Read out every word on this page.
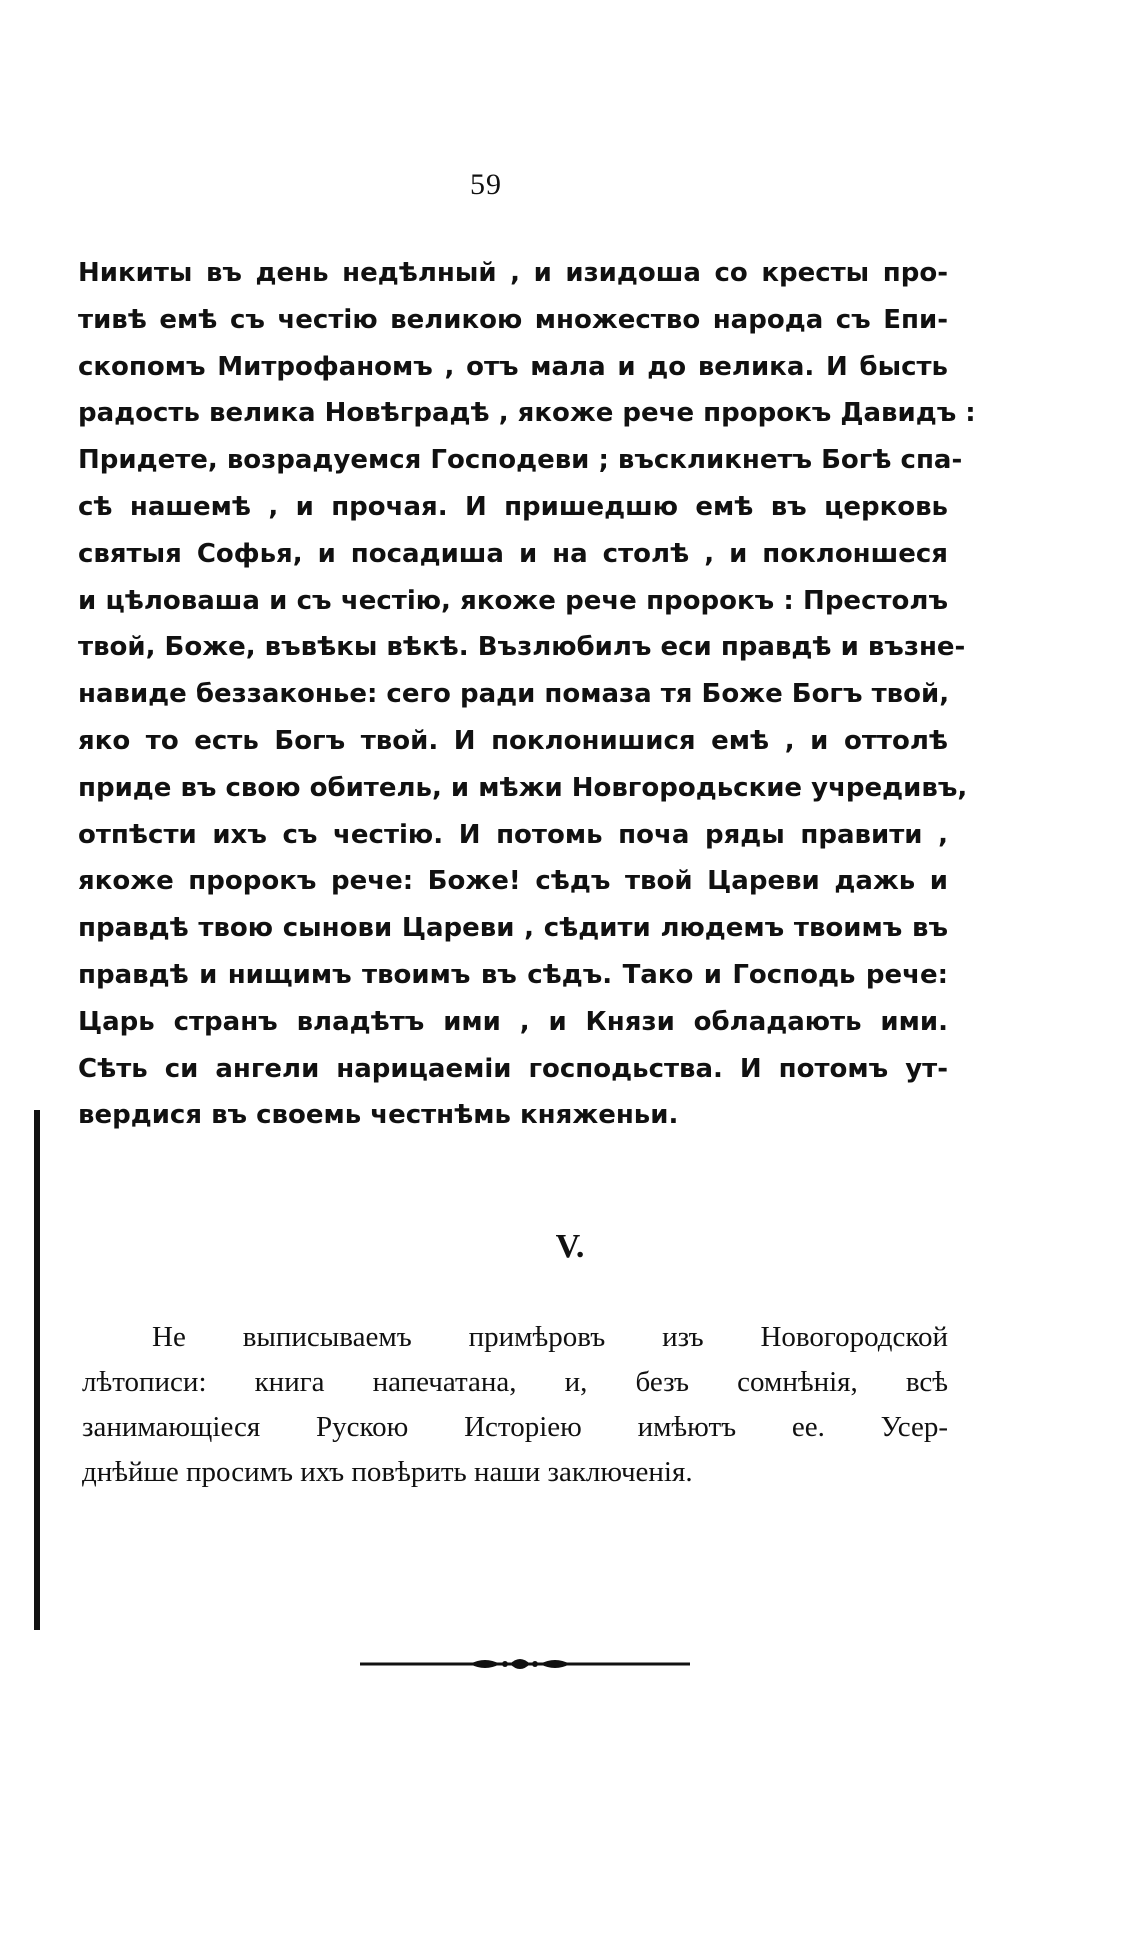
59
Никиты въ день недѣлный , и изидоша со кресты про-
тивѣ емѣ съ честію великою множество народа съ Епи-
скопомъ Митрофаномъ , отъ мала и до велика. И бысть
радость велика Новѣградѣ , якоже рече пророкъ Давидъ :
Придете, возрадуемся Господеви ; въскликнетъ Богѣ спа-
сѣ нашемѣ , и прочая. И пришедшю емѣ въ церковь
святыя Софья, и посадиша и на столѣ , и поклоншеся
и цѣловаша и съ честію, якоже рече пророкъ : Престолъ
твой, Боже, въвѣкы вѣкѣ. Възлюбилъ еси правдѣ и възне-
навиде беззаконье: сего ради помаза тя Боже Богъ твой,
яко то есть Богъ твой. И поклонишися емѣ , и оттолѣ
приде въ свою обитель, и мѣжи Новгородьские учредивъ,
отпѣсти ихъ съ честію. И потомь поча ряды правити ,
якоже пророкъ рече: Боже! сѣдъ твой Цареви дажь и
правдѣ твою сынови Цареви , сѣдити людемъ твоимъ въ
правдѣ и нищимъ твоимъ въ сѣдъ. Тако и Господь рече:
Царь странъ владѣтъ ими , и Князи обладають ими.
Сѣть си ангели нарицаемiи господьства. И потомъ ут-
вердися въ своемь честнѣмь княженьи.
V.
Не выписываемъ примѣровъ изъ Новогородской
лѣтописи: книга напечатана, и, безъ сомнѣнія, всѣ
занимающіеся Рускою Исторіею имѣютъ ее. Усер-
днѣйше просимъ ихъ повѣрить наши заключенія.
